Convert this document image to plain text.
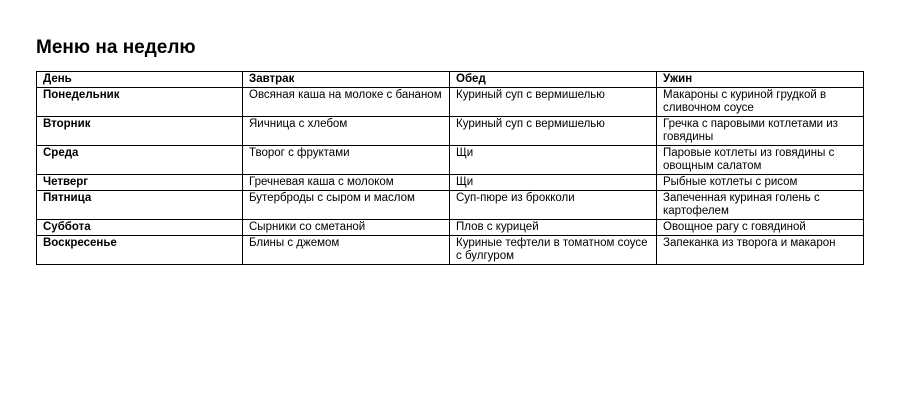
Меню на неделю
День	Завтрак	Обед	Ужин
Понедельник	Овсяная каша на молоке с бананом	Куриный суп с вермишелью	Макароны с куриной грудкой в сливочном соусе
Вторник	Яичница с хлебом	Куриный суп с вермишелью	Гречка с паровыми котлетами из говядины
Среда	Творог с фруктами	Щи	Паровые котлеты из говядины с овощным салатом
Четверг	Гречневая каша с молоком	Щи	Рыбные котлеты с рисом
Пятница	Бутерброды с сыром и маслом	Суп-пюре из брокколи	Запеченная куриная голень с картофелем
Суббота	Сырники со сметаной	Плов с курицей	Овощное рагу с говядиной
Воскресенье	Блины с джемом	Куриные тефтели в томатном соусе с булгуром	Запеканка из творога и макарон
